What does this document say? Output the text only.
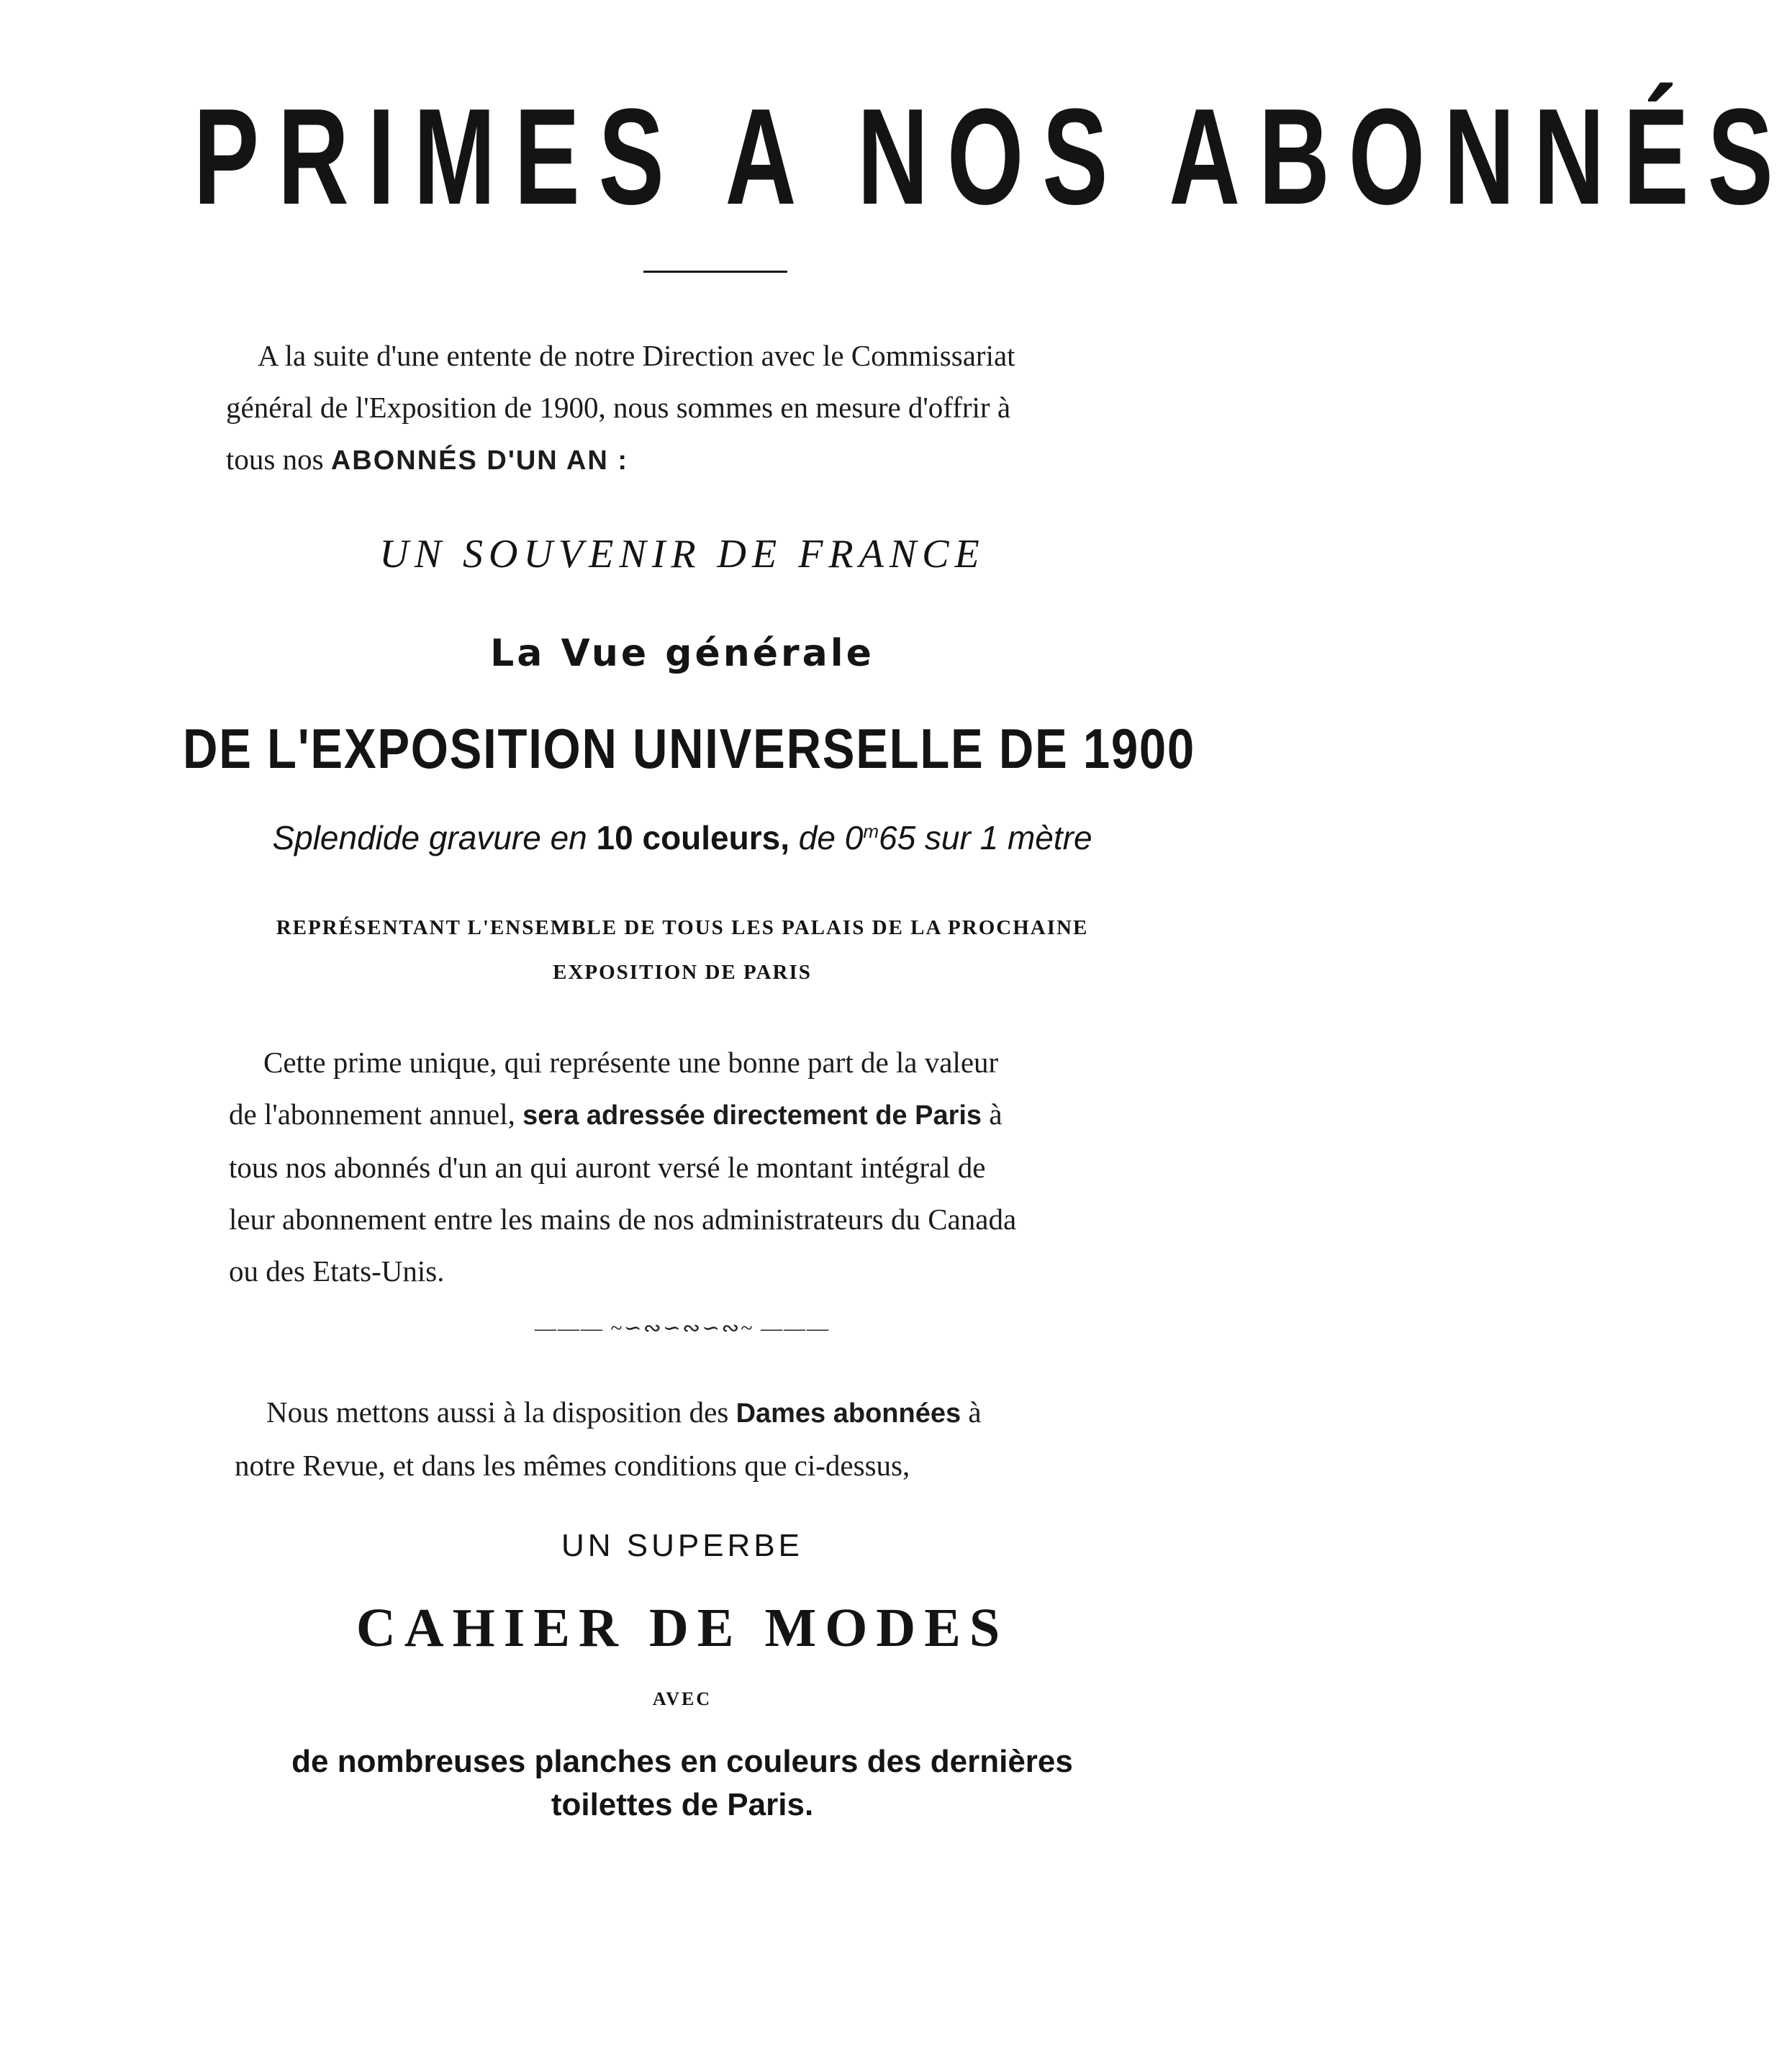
PRIMES A NOS ABONNÉS
A la suite d'une entente de notre Direction avec le Commissariat
général de l'Exposition de 1900, nous sommes en mesure d'offrir à
tous nos ABONNÉS D'UN AN :
UN SOUVENIR DE FRANCE
La Vue générale
DE L'EXPOSITION UNIVERSELLE DE 1900
Splendide gravure en 10 couleurs, de 0$^m$65 sur 1 mètre
REPRÉSENTANT L'ENSEMBLE DE TOUS LES PALAIS DE LA PROCHAINE
EXPOSITION DE PARIS
Cette prime unique, qui représente une bonne part de la valeur
de l'abonnement annuel, sera adressée directement de Paris à
tous nos abonnés d'un an qui auront versé le montant intégral de
leur abonnement entre les mains de nos administrateurs du Canada
ou des Etats-Unis.
——— ~∽∾∽∾∽∾~ ———
Nous mettons aussi à la disposition des Dames abonnées à
notre Revue, et dans les mêmes conditions que ci-dessus,
UN SUPERBE
CAHIER DE MODES
AVEC
de nombreuses planches en couleurs des dernières
toilettes de Paris.
